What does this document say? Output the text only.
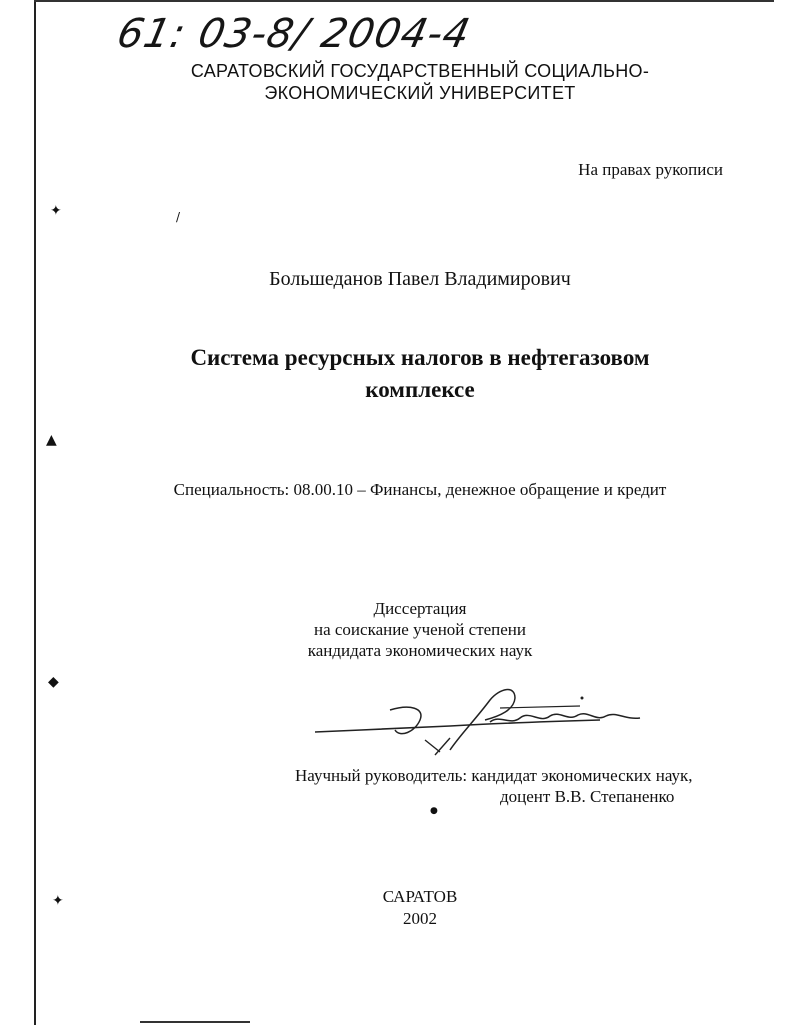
61: 03-8/ 2004-4
САРАТОВСКИЙ ГОСУДАРСТВЕННЫЙ СОЦИАЛЬНО-
ЭКОНОМИЧЕСКИЙ УНИВЕРСИТЕТ
На правах рукописи
Большеданов Павел Владимирович
Система ресурсных налогов в нефтегазовом
комплексе
Специальность: 08.00.10 – Финансы, денежное обращение и кредит
Диссертация
на соискание ученой степени
кандидата экономических наук
Научный руководитель: кандидат экономических наук,
доцент В.В. Степаненко
САРАТОВ
2002
✦
▲
◆
✦
●
/
